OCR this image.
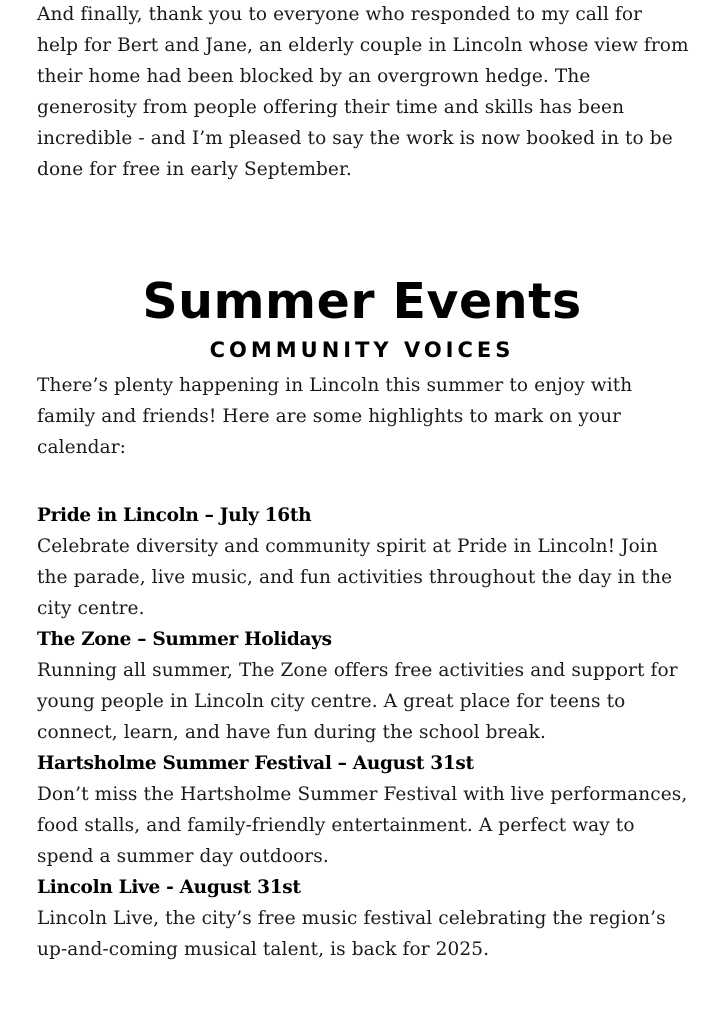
And finally, thank you to everyone who responded to my call for
help for Bert and Jane, an elderly couple in Lincoln whose view from
their home had been blocked by an overgrown hedge. The
generosity from people offering their time and skills has been
incredible - and I’m pleased to say the work is now booked in to be
done for free in early September.
Summer Events
COMMUNITY VOICES
There’s plenty happening in Lincoln this summer to enjoy with
family and friends! Here are some highlights to mark on your
calendar:
Pride in Lincoln – July 16th
Celebrate diversity and community spirit at Pride in Lincoln! Join
the parade, live music, and fun activities throughout the day in the
city centre.
The Zone – Summer Holidays
Running all summer, The Zone offers free activities and support for
young people in Lincoln city centre. A great place for teens to
connect, learn, and have fun during the school break.
Hartsholme Summer Festival – August 31st
Don’t miss the Hartsholme Summer Festival with live performances,
food stalls, and family-friendly entertainment. A perfect way to
spend a summer day outdoors.
Lincoln Live - August 31st
Lincoln Live, the city’s free music festival celebrating the region’s
up-and-coming musical talent, is back for 2025.
